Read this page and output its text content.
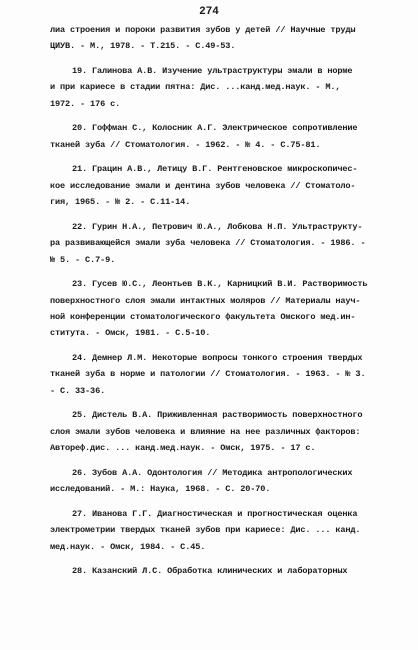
274

лиа строения и пороки развития зубов у детей // Научные труды

ЦИУВ. - М., 1978. - Т.215. - С.49-53.

19. Галинова А.В. Изучение ультраструктуры эмали в норме

и при кариесе в стадии пятна: Дис. ...канд.мед.наук. - М.,

1972. - 176 с.

20. Гоффман С., Колосник А.Г. Электрическое сопротивление

тканей зуба // Стоматология. - 1962. - № 4. - С.75-81.

21. Грацин А.В., Летицу В.Г. Рентгеновское микроскопичес-

кое исследование эмали и дентина зубов человека // Стоматоло-

гия, 1965. - № 2. - С.11-14.

22. Гурин Н.А., Петрович Ю.А., Лобкова Н.П. Ультраструкту-

ра развивающейся эмали зуба человека // Стоматология. - 1986. -

№ 5. - С.7-9.

23. Гусев Ю.С., Леонтьев В.К., Карницкий В.И. Растворимость

поверхностного слоя эмали интактных моляров // Материалы науч-

ной конференции стоматологического факультета Омского мед.ин-

ститута. - Омск, 1981. - С.5-10.

24. Демнер Л.М. Некоторые вопросы тонкого строения твердых

тканей зуба в норме и патологии // Стоматология. - 1963. - № 3.

- С. 33-36.

25. Дистель В.А. Приживленная растворимость поверхностного

слоя эмали зубов человека и влияние на нее различных факторов:

Автореф.дис. ... канд.мед.наук. - Омск, 1975. - 17 с.

26. Зубов А.А. Одонтология // Методика антропологических

исследований. - М.: Наука, 1968. - С. 20-70.

27. Иванова Г.Г. Диагностическая и прогностическая оценка

электрометрии твердых тканей зубов при кариесе: Дис. ... канд.

мед.наук. - Омск, 1984. - С.45.

28. Казанский Л.С. Обработка клинических и лабораторных
